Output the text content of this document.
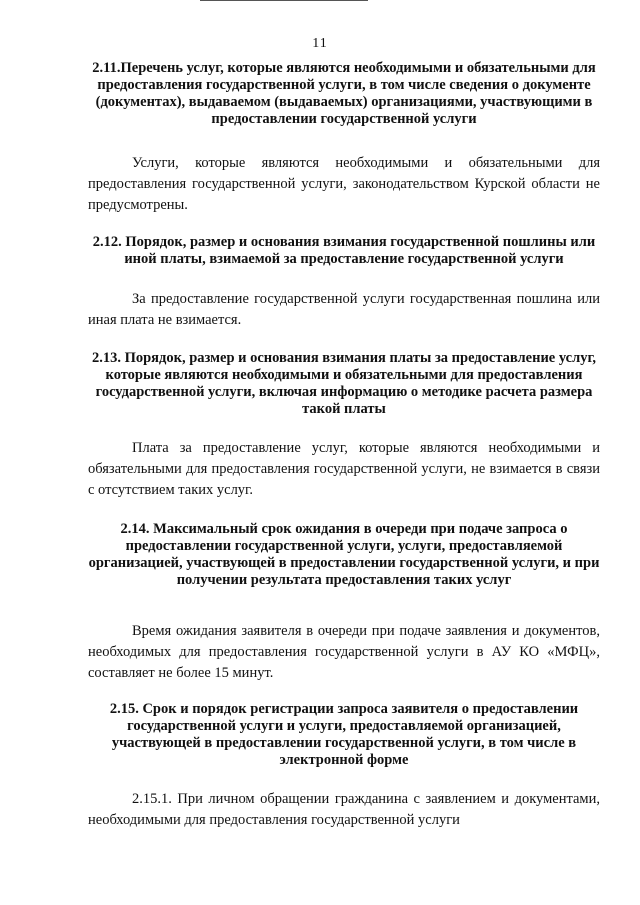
11

2.11.Перечень услуг, которые являются необходимыми и обязательными для предоставления государственной услуги, в том числе сведения о документе (документах), выдаваемом (выдаваемых) организациями, участвующими в предоставлении государственной услуги

Услуги, которые являются необходимыми и обязательными для предоставления государственной услуги, законодательством Курской области не предусмотрены.

2.12. Порядок, размер и основания взимания государственной пошлины или иной платы, взимаемой за предоставление государственной услуги

За предоставление государственной услуги государственная пошлина или иная плата не взимается.

2.13. Порядок, размер и основания взимания платы за предоставление услуг, которые являются необходимыми и обязательными для предоставления государственной услуги, включая информацию о методике расчета размера такой платы

Плата за предоставление услуг, которые являются необходимыми и обязательными для предоставления государственной услуги, не взимается в связи с отсутствием таких услуг.

2.14. Максимальный срок ожидания в очереди при подаче запроса о предоставлении государственной услуги, услуги, предоставляемой организацией, участвующей в предоставлении государственной услуги, и при получении результата предоставления таких услуг

Время ожидания заявителя в очереди при подаче заявления и документов, необходимых для предоставления государственной услуги в АУ КО «МФЦ», составляет не более 15 минут.

2.15. Срок и порядок регистрации запроса заявителя о предоставлении государственной услуги и услуги, предоставляемой организацией, участвующей в предоставлении государственной услуги, в том числе в электронной форме

2.15.1. При личном обращении гражданина с заявлением и документами, необходимыми для предоставления государственной услуги
